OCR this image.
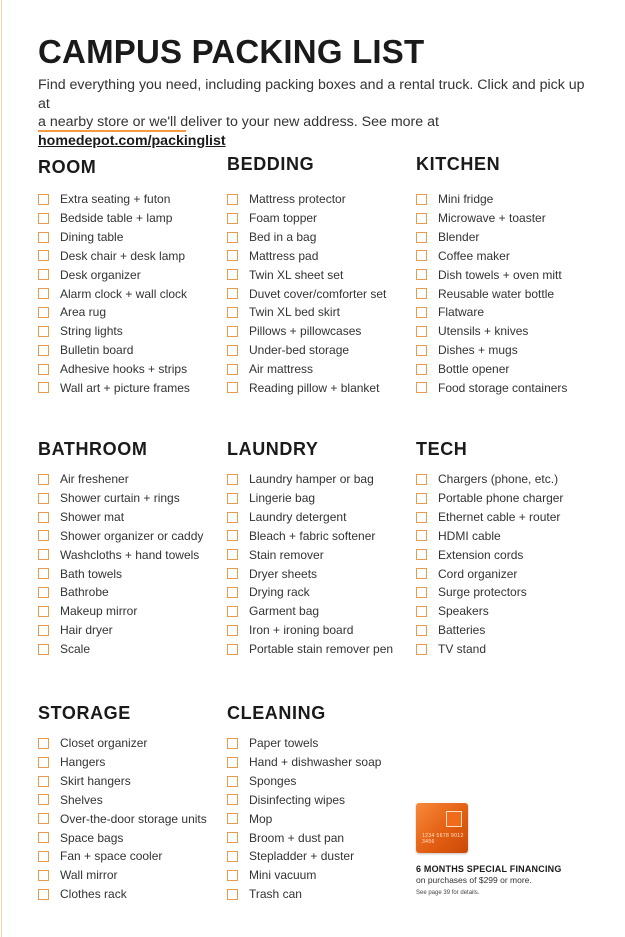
CAMPUS PACKING LIST
Find everything you need, including packing boxes and a rental truck. Click and pick up at
a nearby store or we'll deliver to your new address. See more at homedepot.com/packinglist
ROOM
Extra seating + futon
Bedside table + lamp
Dining table
Desk chair + desk lamp
Desk organizer
Alarm clock + wall clock
Area rug
String lights
Bulletin board
Adhesive hooks + strips
Wall art + picture frames
BEDDING
Mattress protector
Foam topper
Bed in a bag
Mattress pad
Twin XL sheet set
Duvet cover/comforter set
Twin XL bed skirt
Pillows + pillowcases
Under-bed storage
Air mattress
Reading pillow + blanket
KITCHEN
Mini fridge
Microwave + toaster
Blender
Coffee maker
Dish towels + oven mitt
Reusable water bottle
Flatware
Utensils + knives
Dishes + mugs
Bottle opener
Food storage containers
BATHROOM
Air freshener
Shower curtain + rings
Shower mat
Shower organizer or caddy
Washcloths + hand towels
Bath towels
Bathrobe
Makeup mirror
Hair dryer
Scale
LAUNDRY
Laundry hamper or bag
Lingerie bag
Laundry detergent
Bleach + fabric softener
Stain remover
Dryer sheets
Drying rack
Garment bag
Iron + ironing board
Portable stain remover pen
TECH
Chargers (phone, etc.)
Portable phone charger
Ethernet cable + router
HDMI cable
Extension cords
Cord organizer
Surge protectors
Speakers
Batteries
TV stand
STORAGE
Closet organizer
Hangers
Skirt hangers
Shelves
Over-the-door storage units
Space bags
Fan + space cooler
Wall mirror
Clothes rack
CLEANING
Paper towels
Hand + dishwasher soap
Sponges
Disinfecting wipes
Mop
Broom + dust pan
Stepladder + duster
Mini vacuum
Trash can
1234 5678 9012 3456
6 MONTHS SPECIAL FINANCING
on purchases of $299 or more.
See page 39 for details.
